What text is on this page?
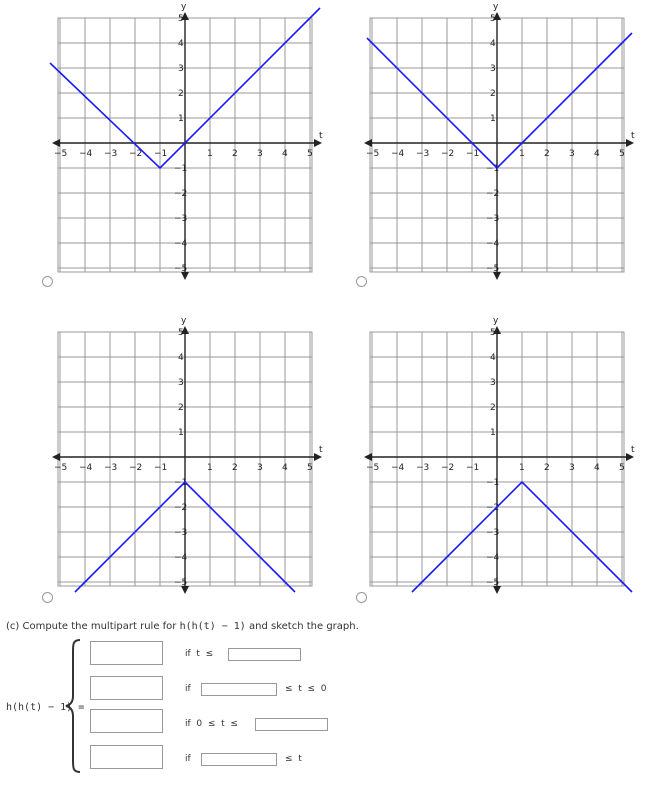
t
y
−5 −4 −3 −2 −1	1 2 3 4 5
5
4
3
2
1
−1
−2
−3
−4
−5
t
y
−5 −4 −3 −2 −1	1 2 3 4 5
5
4
3
2
1
−1
−2
−3
−4
−5
t
y
−5 −4 −3 −2 −1	1 2 3 4 5
5
4
3
2
1
−1
−2
−3
−4
−5
t
y
−5 −4 −3 −2 −1	1 2 3 4 5
5
4
3
2
1
−1
−2
−3
−4
−5
(c) Compute the multipart rule for h(h(t) − 1) and sketch the graph.
h(h(t) − 1) =
if  t  ≤
if	≤  t  ≤  0
if  0  ≤  t  ≤
if	≤  t
